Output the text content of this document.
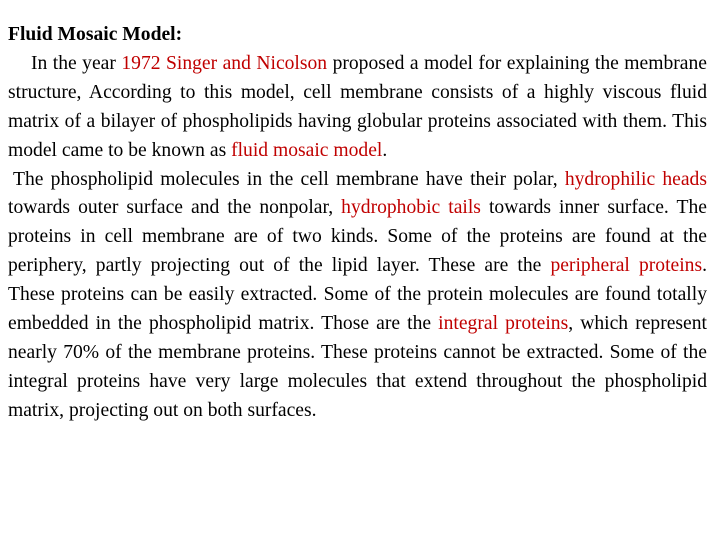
Fluid Mosaic Model:

In the year 1972 Singer and Nicolson proposed a model for explaining the membrane structure, According to this model, cell membrane consists of a highly viscous fluid matrix of a bilayer of phospholipids having globular proteins associated with them. This model came to be known as fluid mosaic model.

The phospholipid molecules in the cell membrane have their polar, hydrophilic heads towards outer surface and the nonpolar, hydrophobic tails towards inner surface. The proteins in cell membrane are of two kinds. Some of the proteins are found at the periphery, partly projecting out of the lipid layer. These are the peripheral proteins. These proteins can be easily extracted. Some of the protein molecules are found totally embedded in the phospholipid matrix. Those are the integral proteins, which represent nearly 70% of the membrane proteins. These proteins cannot be extracted. Some of the integral proteins have very large molecules that extend throughout the phospholipid matrix, projecting out on both surfaces.
